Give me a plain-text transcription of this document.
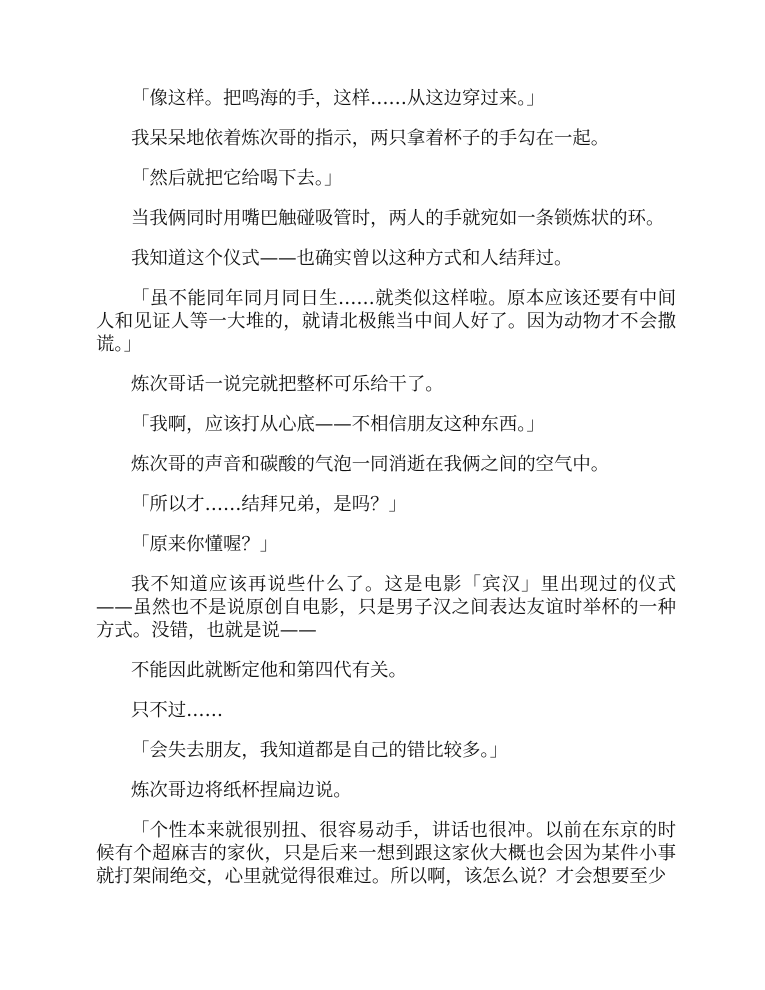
「像这样。把鸣海的手，这样……从这边穿过来。」

我呆呆地依着炼次哥的指示，两只拿着杯子的手勾在一起。

「然后就把它给喝下去。」

当我俩同时用嘴巴触碰吸管时，两人的手就宛如一条锁炼状的环。

我知道这个仪式——也确实曾以这种方式和人结拜过。

「虽不能同年同月同日生……就类似这样啦。原本应该还要有中间人和见证人等一大堆的，就请北极熊当中间人好了。因为动物才不会撒谎。」

炼次哥话一说完就把整杯可乐给干了。

「我啊，应该打从心底——不相信朋友这种东西。」

炼次哥的声音和碳酸的气泡一同消逝在我俩之间的空气中。

「所以才……结拜兄弟，是吗？」

「原来你懂喔？」

我不知道应该再说些什么了。这是电影「宾汉」里出现过的仪式——虽然也不是说原创自电影，只是男子汉之间表达友谊时举杯的一种方式。没错，也就是说——

不能因此就断定他和第四代有关。

只不过……

「会失去朋友，我知道都是自己的错比较多。」

炼次哥边将纸杯捏扁边说。

「个性本来就很别扭、很容易动手，讲话也很冲。以前在东京的时候有个超麻吉的家伙，只是后来一想到跟这家伙大概也会因为某件小事就打架闹绝交，心里就觉得很难过。所以啊，该怎么说？才会想要至少
